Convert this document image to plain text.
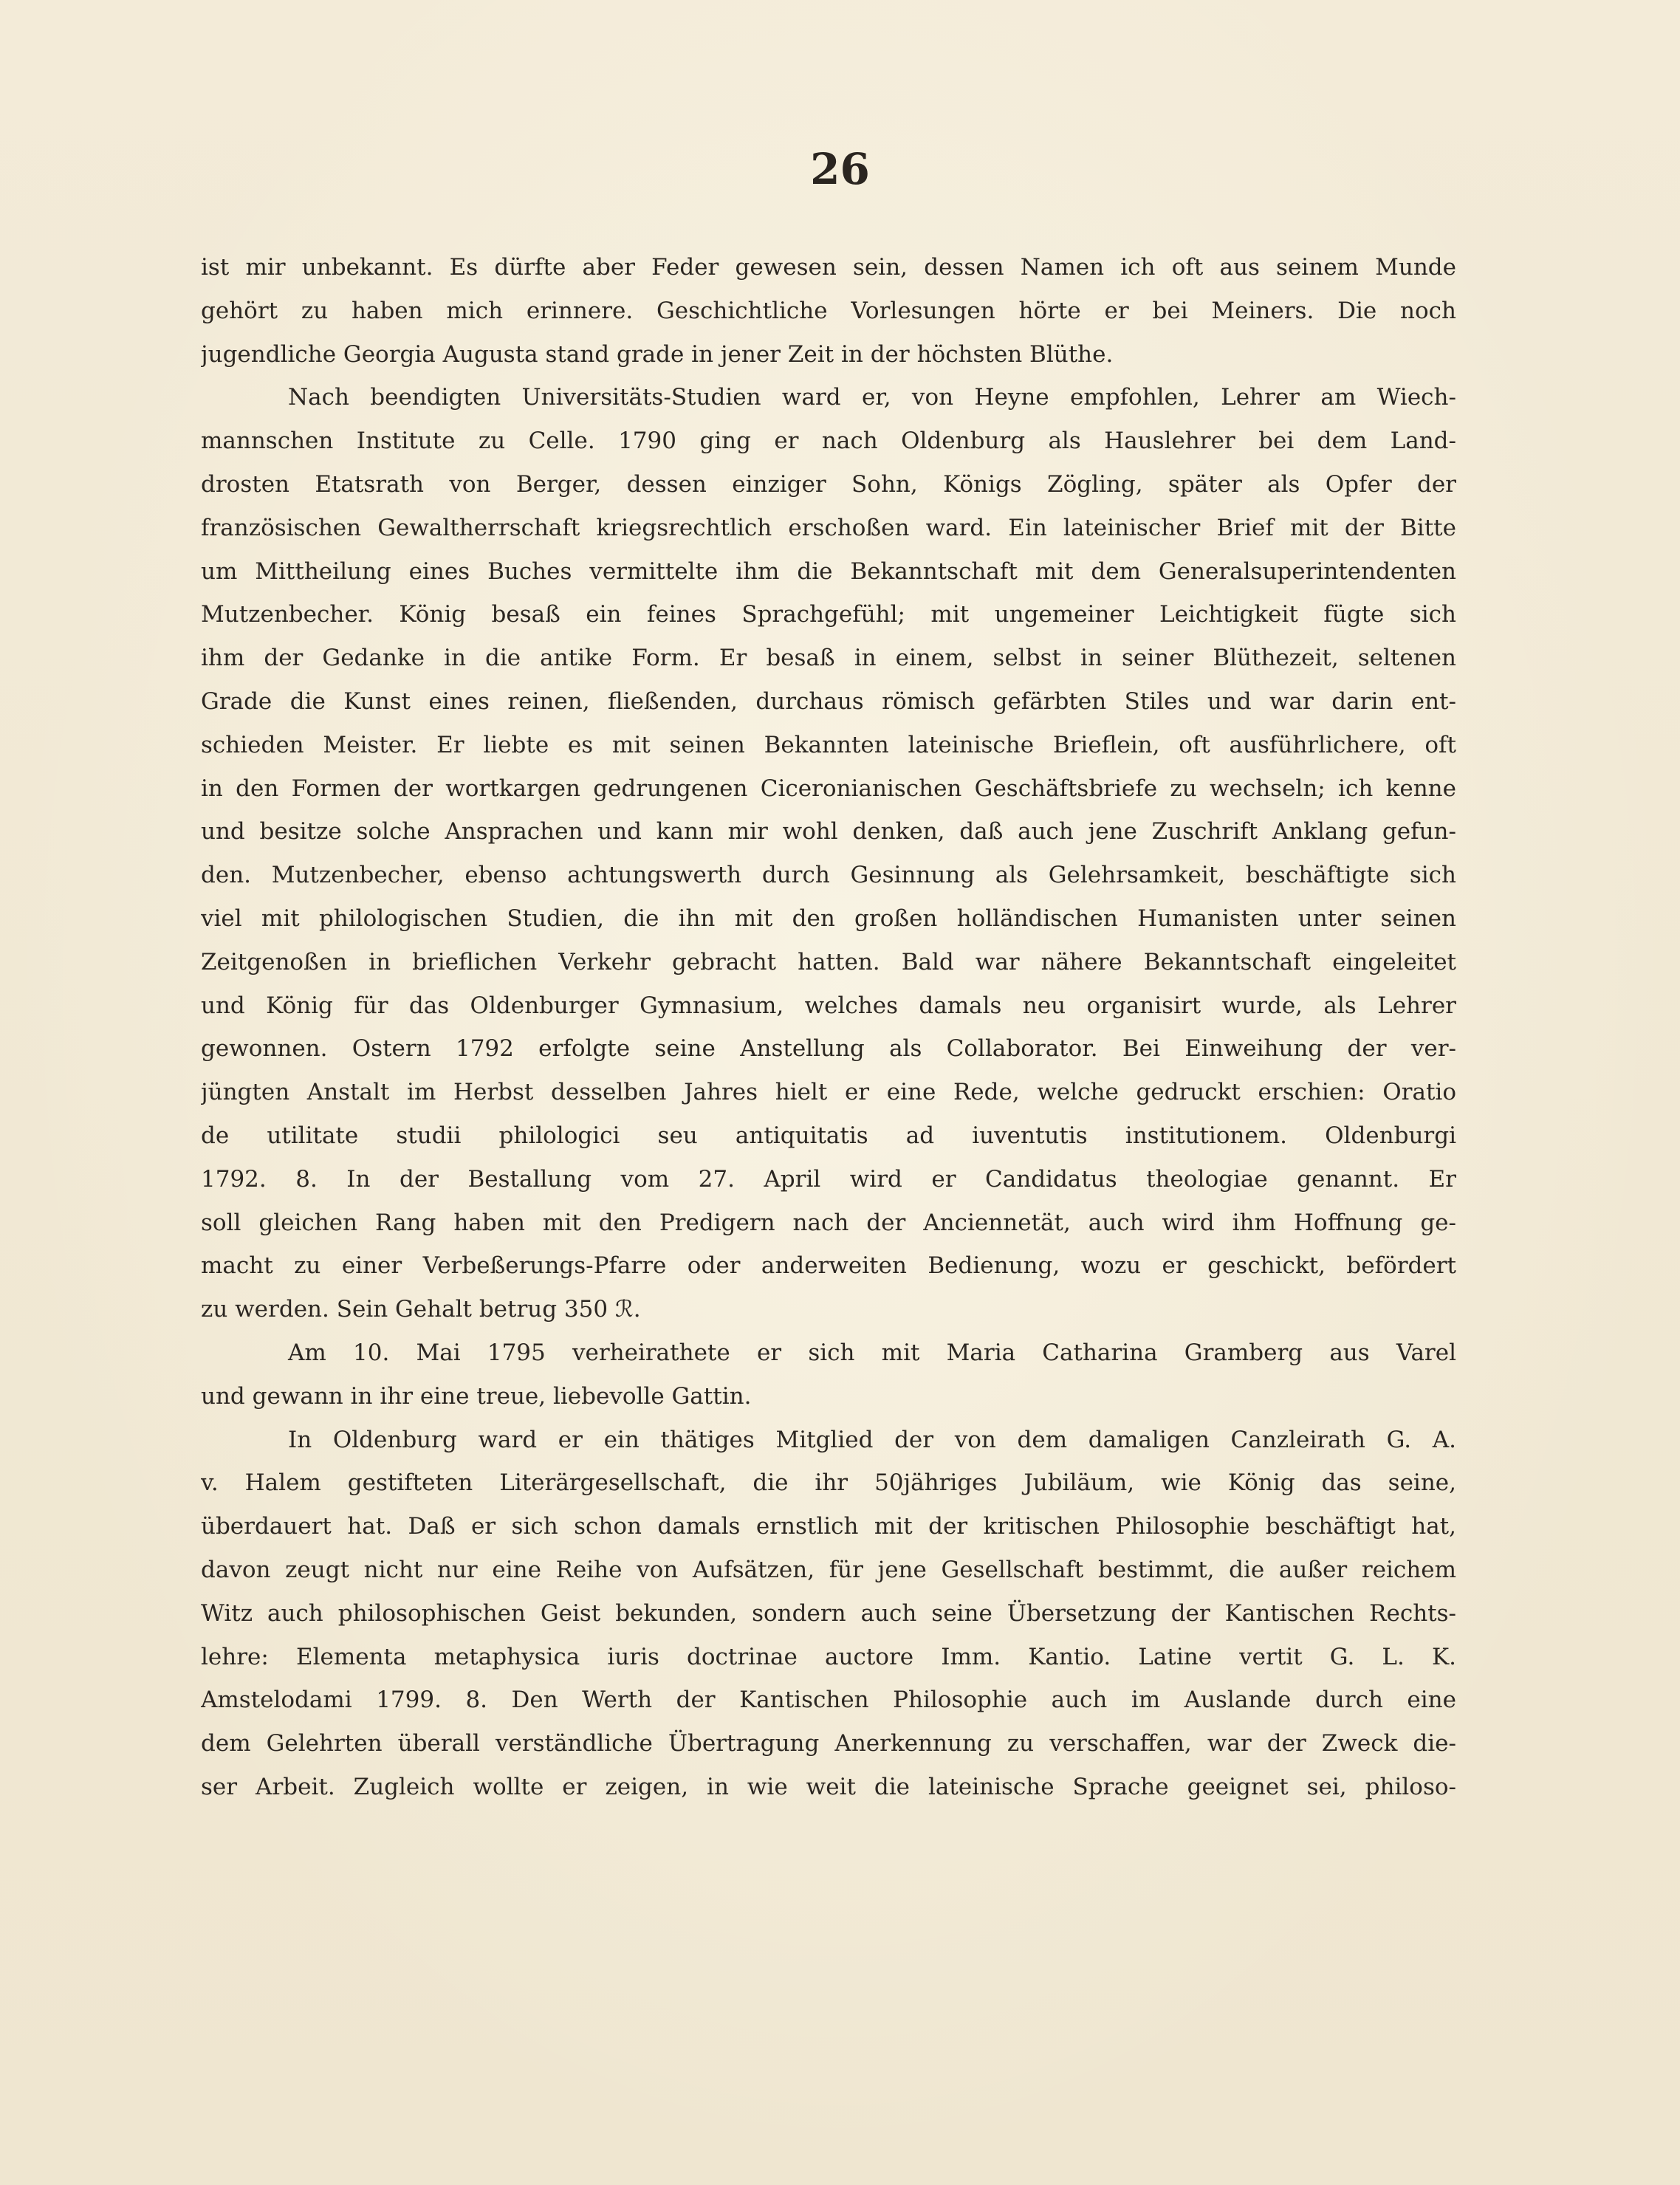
26
ist mir unbekannt. Es dürfte aber Feder gewesen sein, dessen Namen ich oft aus seinem Munde
gehört zu haben mich erinnere. Geschichtliche Vorlesungen hörte er bei Meiners. Die noch
jugendliche Georgia Augusta stand grade in jener Zeit in der höchsten Blüthe.
Nach beendigten Universitäts-Studien ward er, von Heyne empfohlen, Lehrer am Wiech-
mannschen Institute zu Celle. 1790 ging er nach Oldenburg als Hauslehrer bei dem Land-
drosten Etatsrath von Berger, dessen einziger Sohn, Königs Zögling, später als Opfer der
französischen Gewaltherrschaft kriegsrechtlich erschoßen ward. Ein lateinischer Brief mit der Bitte
um Mittheilung eines Buches vermittelte ihm die Bekanntschaft mit dem Generalsuperintendenten
Mutzenbecher. König besaß ein feines Sprachgefühl; mit ungemeiner Leichtigkeit fügte sich
ihm der Gedanke in die antike Form. Er besaß in einem, selbst in seiner Blüthezeit, seltenen
Grade die Kunst eines reinen, fließenden, durchaus römisch gefärbten Stiles und war darin ent-
schieden Meister. Er liebte es mit seinen Bekannten lateinische Brieflein, oft ausführlichere, oft
in den Formen der wortkargen gedrungenen Ciceronianischen Geschäftsbriefe zu wechseln; ich kenne
und besitze solche Ansprachen und kann mir wohl denken, daß auch jene Zuschrift Anklang gefun-
den. Mutzenbecher, ebenso achtungswerth durch Gesinnung als Gelehrsamkeit, beschäftigte sich
viel mit philologischen Studien, die ihn mit den großen holländischen Humanisten unter seinen
Zeitgenoßen in brieflichen Verkehr gebracht hatten. Bald war nähere Bekanntschaft eingeleitet
und König für das Oldenburger Gymnasium, welches damals neu organisirt wurde, als Lehrer
gewonnen. Ostern 1792 erfolgte seine Anstellung als Collaborator. Bei Einweihung der ver-
jüngten Anstalt im Herbst desselben Jahres hielt er eine Rede, welche gedruckt erschien: Oratio
de utilitate studii philologici seu antiquitatis ad iuventutis institutionem. Oldenburgi
1792. 8. In der Bestallung vom 27. April wird er Candidatus theologiae genannt. Er
soll gleichen Rang haben mit den Predigern nach der Anciennetät, auch wird ihm Hoffnung ge-
macht zu einer Verbeßerungs-Pfarre oder anderweiten Bedienung, wozu er geschickt, befördert
zu werden. Sein Gehalt betrug 350 ℛ.
Am 10. Mai 1795 verheirathete er sich mit Maria Catharina Gramberg aus Varel
und gewann in ihr eine treue, liebevolle Gattin.
In Oldenburg ward er ein thätiges Mitglied der von dem damaligen Canzleirath G. A.
v. Halem gestifteten Literärgesellschaft, die ihr 50jähriges Jubiläum, wie König das seine,
überdauert hat. Daß er sich schon damals ernstlich mit der kritischen Philosophie beschäftigt hat,
davon zeugt nicht nur eine Reihe von Aufsätzen, für jene Gesellschaft bestimmt, die außer reichem
Witz auch philosophischen Geist bekunden, sondern auch seine Übersetzung der Kantischen Rechts-
lehre: Elementa metaphysica iuris doctrinae auctore Imm. Kantio. Latine vertit G. L. K.
Amstelodami 1799. 8. Den Werth der Kantischen Philosophie auch im Auslande durch eine
dem Gelehrten überall verständliche Übertragung Anerkennung zu verschaffen, war der Zweck die-
ser Arbeit. Zugleich wollte er zeigen, in wie weit die lateinische Sprache geeignet sei, philoso-
